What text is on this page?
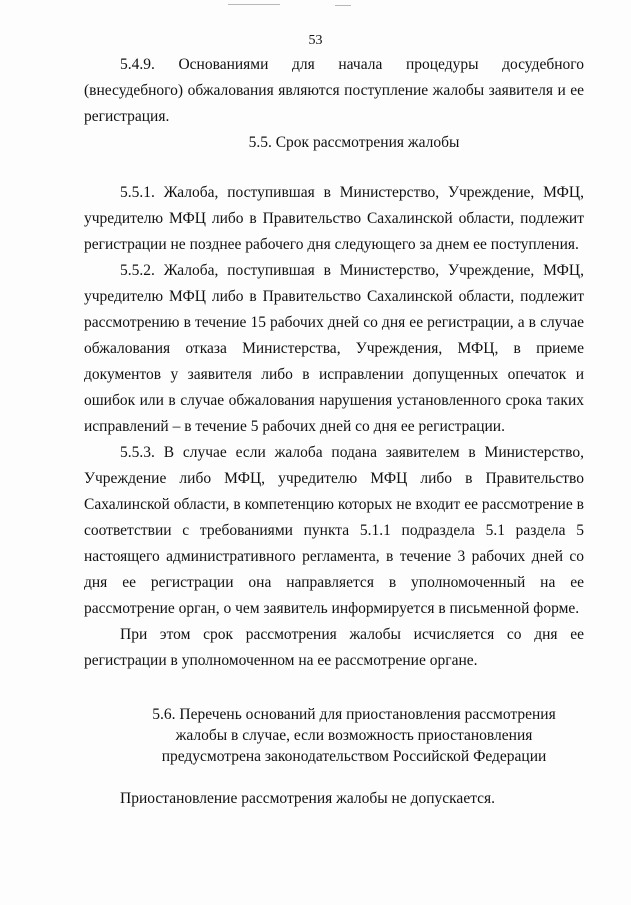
53

5.4.9. Основаниями для начала процедуры досудебного (внесудебного) обжалования являются поступление жалобы заявителя и ее регистрация.

5.5. Срок рассмотрения жалобы

5.5.1. Жалоба, поступившая в Министерство, Учреждение, МФЦ, учредителю МФЦ либо в Правительство Сахалинской области, подлежит регистрации не позднее рабочего дня следующего за днем ее поступления.

5.5.2. Жалоба, поступившая в Министерство, Учреждение, МФЦ, учредителю МФЦ либо в Правительство Сахалинской области, подлежит рассмотрению в течение 15 рабочих дней со дня ее регистрации, а в случае обжалования отказа Министерства, Учреждения, МФЦ, в приеме документов у заявителя либо в исправлении допущенных опечаток и ошибок или в случае обжалования нарушения установленного срока таких исправлений – в течение 5 рабочих дней со дня ее регистрации.

5.5.3. В случае если жалоба подана заявителем в Министерство, Учреждение либо МФЦ, учредителю МФЦ либо в Правительство Сахалинской области, в компетенцию которых не входит ее рассмотрение в соответствии с требованиями пункта 5.1.1 подраздела 5.1 раздела 5 настоящего административного регламента, в течение 3 рабочих дней со дня ее регистрации она направляется в уполномоченный на ее рассмотрение орган, о чем заявитель информируется в письменной форме.

При этом срок рассмотрения жалобы исчисляется со дня ее регистрации в уполномоченном на ее рассмотрение органе.

5.6. Перечень оснований для приостановления рассмотрения

жалобы в случае, если возможность приостановления

предусмотрена законодательством Российской Федерации

Приостановление рассмотрения жалобы не допускается.
